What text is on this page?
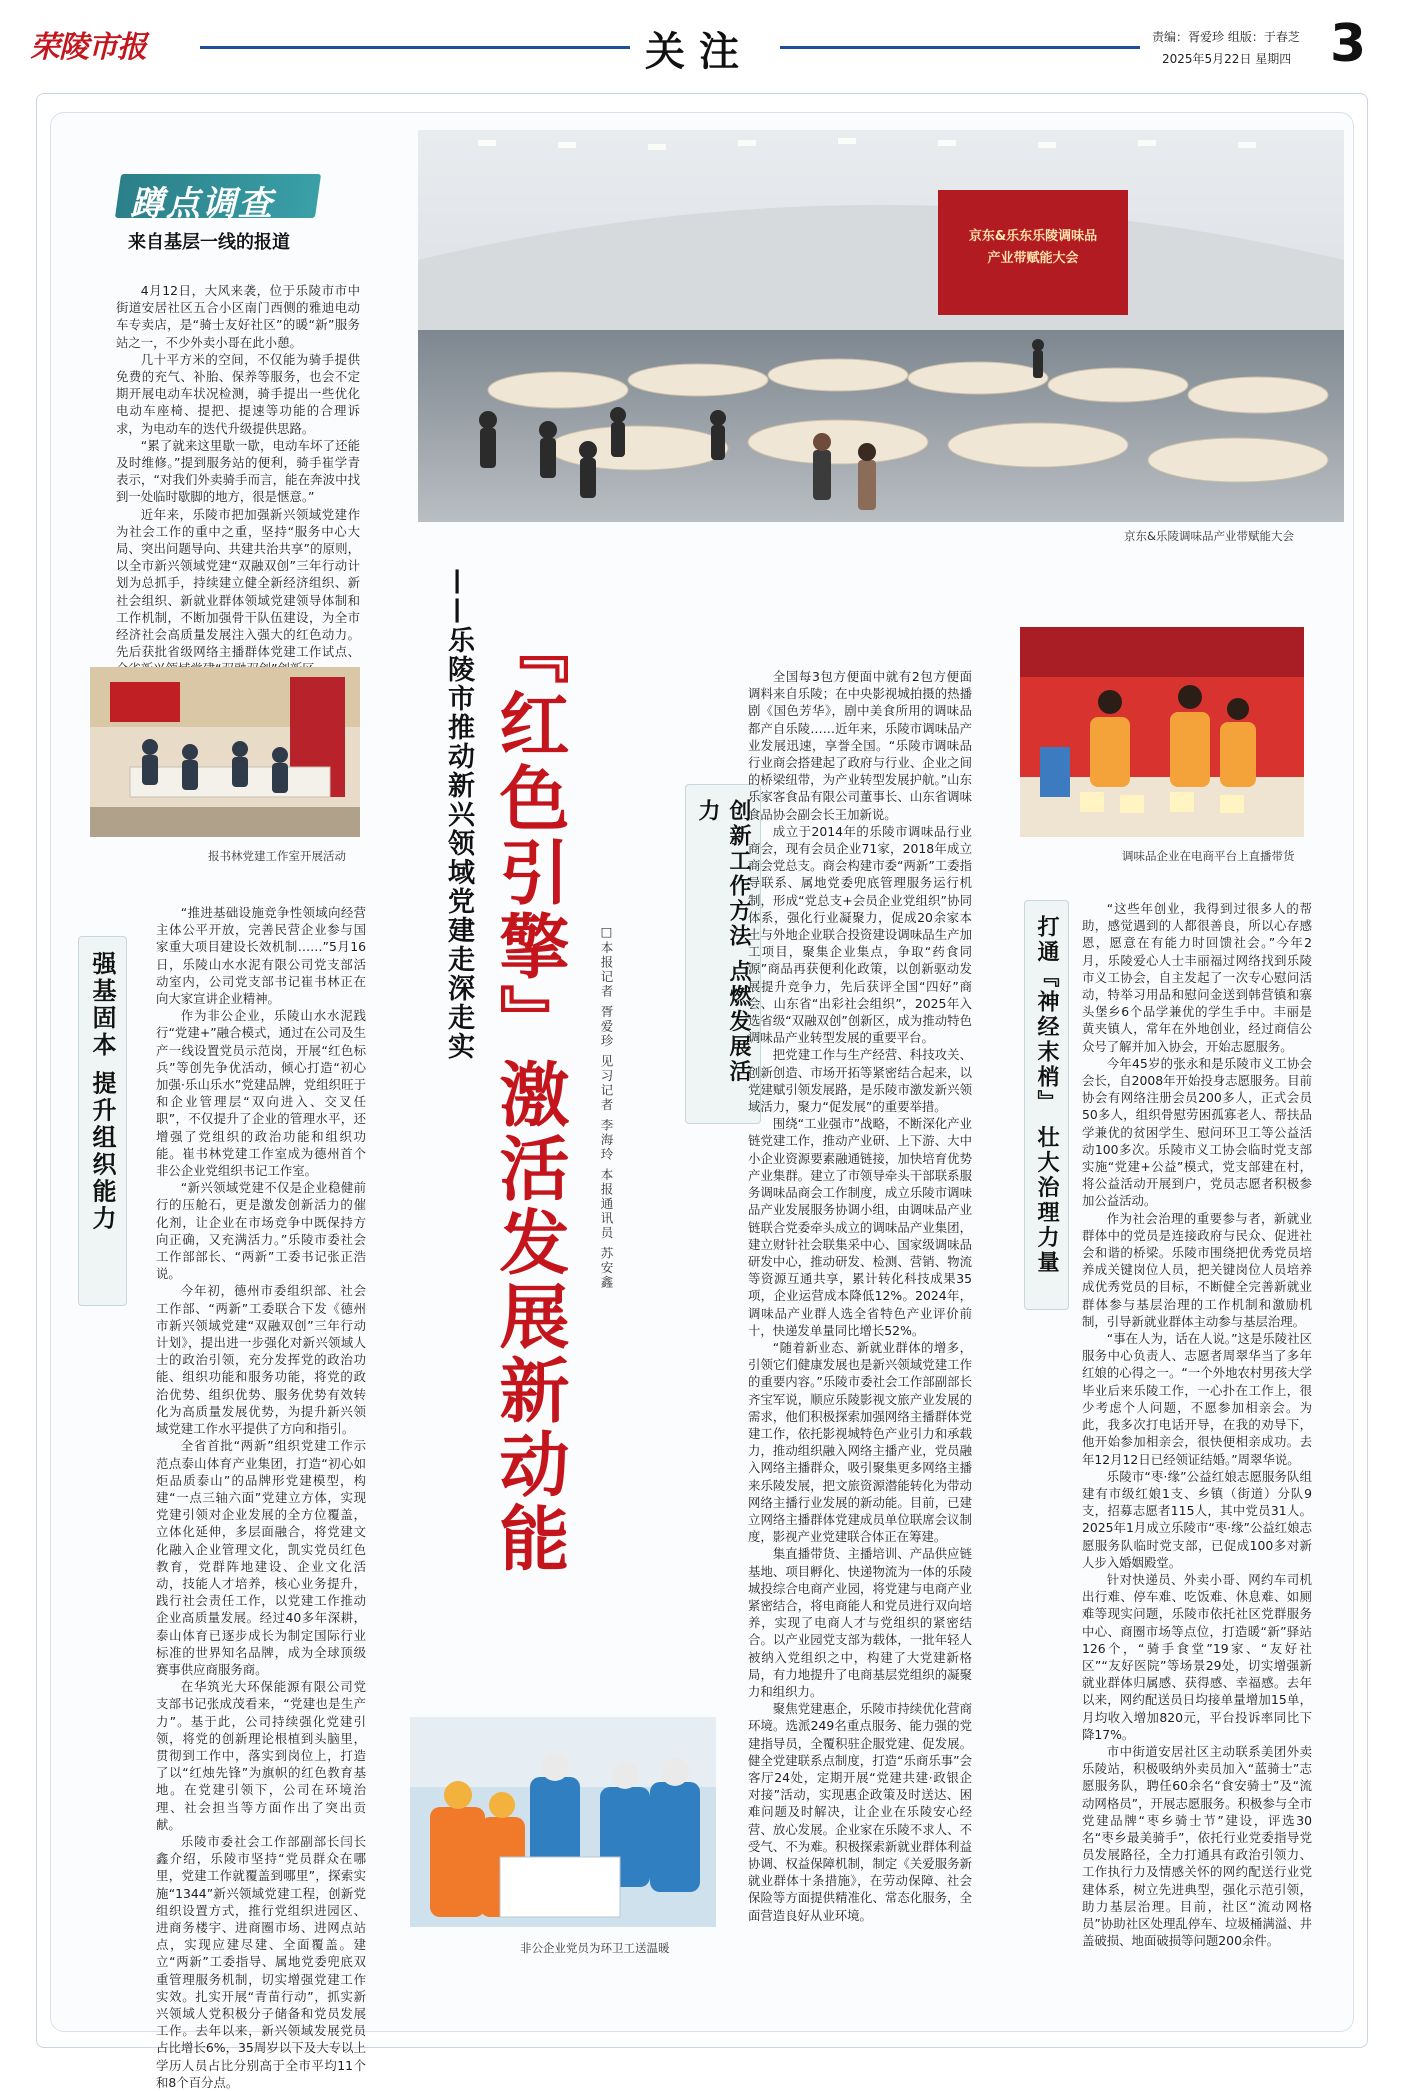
荣陵市报	关注	责编：胥爱珍 组版：于春芝
2025年5月22日 星期四 3
蹲点调查
来自基层一线的报道	京东&乐东乐陵调味品
产业带赋能大会
京东&乐陵调味品产业带赋能大会

4月12日，大风来袭，位于乐陵市市中街道安居社区五合小区南门西侧的雅迪电动车专卖店，是“骑士友好社区”的暖“新”服务站之一，不少外卖小哥在此小憩。

几十平方米的空间，不仅能为骑手提供免费的充气、补胎、保养等服务，也会不定期开展电动车状况检测，骑手提出一些优化电动车座椅、提把、提速等功能的合理诉求，为电动车的迭代升级提供思路。

“累了就来这里歇一歇，电动车坏了还能及时维修。”提到服务站的便利，骑手崔学青表示，“对我们外卖骑手而言，能在奔波中找到一处临时歇脚的地方，很是惬意。”

近年来，乐陵市把加强新兴领域党建作为社会工作的重中之重，坚持“服务中心大局、突出问题导向、共建共治共享”的原则，以全市新兴领域党建“双融双创”三年行动计划为总抓手，持续建立健全新经济组织、新社会组织、新就业群体领域党建领导体制和工作机制，不断加强骨干队伍建设，为全市经济社会高质量发展注入强大的红色动力。先后获批省级网络主播群体党建工作试点、

报书林党建工作室开展活动
强基固本 提升组织能力

“推进基础设施竞争性领域向经营主体公平开放，完善民营企业参与国家重大项目建设长效机制……”5月16日，乐陵山水水泥有限公司党支部活动室内，公司党支部书记崔书林正在向大家宣讲企业精神。

作为非公企业，乐陵山水水泥践行“党建+”融合模式，通过在公司及生产一线设置党员示范岗，开展“红色标兵”等创先争优活动，倾心打造“初心加强·乐山乐水”党建品牌，党组织旺于和企业管理层“双向进入、交叉任职”，不仅提升了企业的管理水平，还增强了党组织的政治功能和组织功能。崔书林党建工作室成为德州首个非公企业党组织书记工作室。

“新兴领域党建不仅是企业稳健前行的压舱石，更是激发创新活力的催化剂，让企业在市场竞争中既保持方向正确，又充满活力。”乐陵市委社会工作部部长、“两新”工委书记张正浩说。

今年初，德州市委组织部、社会工作部、“两新”工委联合下发《德州市新兴领域党建“双融双创”三年行动计划》，提出进一步强化对新兴领域人士的政治引领，充分发挥党的政治功能、组织功能和服务功能，将党的政治优势、组织优势、服务优势有效转化为高质量发展优势，为提升新兴领域党建工作水平提供了方向和指引。

全省首批“两新”组织党建工作示范点泰山体育产业集团，打造“初心如炬品质泰山”的品牌形党建模型，构建“一点三轴六面”党建立方体，实现党建引领对企业发展的全方位覆盖，立体化延伸，多层面融合，将党建文化融入企业管理文化，凯实党员红色教育，党群阵地建设、企业文化活动，技能人才培养，核心业务提升，践行社会责任工作，以党建工作推动企业高质量发展。经过40多年深耕，泰山体育已逐步成长为制定国际行业标准的世界知名品牌，成为全球顶级赛事供应商服务商。

在华筑光大环保能源有限公司党支部书记张成茂看来，“党建也是生产力”。基于此，公司持续强化党建引领，将党的创新理论根植到头脑里，贯彻到工作中，落实到岗位上，打造了以“红烛先锋”为旗帜的红色教育基地。在党建引领下，公司在环境治理、社会担当等方面作出了突出贡献。

乐陵市委社会工作部副部长闫长鑫介绍，乐陵市坚持“党员群众在哪里，党建工作就覆盖到哪里”，探索实施“1344”新兴领域党建工程，创新党组织设置方式，推行党组织进园区、进商务楼宇、进商圈市场、进网点站点，实现应建尽建、全面覆盖。建立“两新”工委指导、属地党委兜底双重管理服务机制，切实增强党建工作实效。扎实开展“青苗行动”，抓实新兴领域人党积极分子储备和党员发展工作。去年以来，新兴领域发展党员占比增长6%，35周岁以下及大专以上学历人员占比分别高于全市平均11个和8个百分点。

——乐陵市推动新兴领域党建走深走实 『红色引擎』激活发展新动能 □本报记者 胥爱珍 见习记者 李海玲 本报通讯员 苏安鑫	创新工作方法 点燃发展活力

全国每3包方便面中就有2包方便面调料来自乐陵；在中央影视城拍摄的热播剧《国色芳华》，剧中美食所用的调味品都产自乐陵……近年来，乐陵市调味品产业发展迅速，享誉全国。“乐陵市调味品行业商会搭建起了政府与行业、企业之间的桥梁纽带，为产业转型发展护航。”山东乐家客食品有限公司董事长、山东省调味食品协会副会长王加新说。

成立于2014年的乐陵市调味品行业商会，现有会员企业71家，2018年成立商会党总支。商会构建市委“两新”工委指导联系、属地党委兜底管理服务运行机制，形成“党总支+会员企业党组织”协同体系，强化行业凝聚力，促成20余家本土与外地企业联合投资建设调味品生产加工项目，聚集企业集点，争取“药食同源”商品再获便利化政策，以创新驱动发展提升竞争力，先后获评全国“四好”商会、山东省“出彩社会组织”，2025年入选省级“双融双创”创新区，成为推动特色调味品产业转型发展的重要平台。

把党建工作与生产经营、科技攻关、创新创造、市场开拓等紧密结合起来，以党建赋引领发展路，是乐陵市激发新兴领域活力，聚力“促发展”的重要举措。

围绕“工业强市”战略，不断深化产业链党建工作，推动产业研、上下游、大中小企业资源要素融通链接，加快培育优势产业集群。建立了市领导牵头干部联系服务调味品商会工作制度，成立乐陵市调味品产业发展服务协调小组，由调味品产业链联合党委牵头成立的调味品产业集团，建立财针社会联集采中心、国家级调味品研发中心，推动研发、检测、营销、物流等资源互通共享，累计转化科技成果35项，企业运营成本降低12%。2024年，调味品产业群人选全省特色产业评价前十，快递发单量同比增长52%。

“随着新业态、新就业群体的增多，引领它们健康发展也是新兴领域党建工作的重要内容。”乐陵市委社会工作部副部长齐宝军说，顺应乐陵影视文旅产业发展的需求，他们积极探索加强网络主播群体党建工作，依托影视城特色产业引力和承载力，推动组织融入网络主播产业，党员融入网络主播群众，吸引聚集更多网络主播来乐陵发展，把文旅资源潜能转化为带动网络主播行业发展的新动能。目前，已建立网络主播群体党建成员单位联席会议制度，影视产业党建联合体正在筹建。

集直播带货、主播培训、产品供应链基地、项目孵化、快递物流为一体的乐陵城投综合电商产业园，将党建与电商产业紧密结合，将电商能人和党员进行双向培养，实现了电商人才与党组织的紧密结合。以产业园党支部为载体，一批年轻人被纳入党组织之中，构建了大党建新格局，有力地提升了电商基层党组织的凝聚力和组织力。

聚焦党建惠企，乐陵市持续优化营商环境。选派249名重点服务、能力强的党建指导员，全覆积驻企服党建、促发展。健全党建联系点制度，打造“乐商乐事”会客厅24处，定期开展“党建共建·政银企对接”活动，实现惠企政策及时送达、困难问题及时解决，让企业在乐陵安心经营、放心发展。企业家在乐陵不求人、不受气、不为难。积极探索新就业群体利益协调、权益保障机制，制定《关爱服务新就业群体十条措施》，在劳动保障、社会保险等方面提供精准化、常态化服务，全面营造良好从业环境。

调味品企业在电商平台上直播带货
打通『神经末梢』 壮大治理力量

“这些年创业，我得到过很多人的帮助，感觉遇到的人都很善良，所以心存感恩，愿意在有能力时回馈社会。”今年2月，乐陵爱心人士丰丽福过网络找到乐陵市义工协会，自主发起了一次专心慰问活动，特举习用品和慰问金送到韩营镇和寨头堡乡6个品学兼优的学生手中。丰丽是黄夹镇人，常年在外地创业，经过商信公众号了解并加入协会，开始志愿服务。

今年45岁的张永和是乐陵市义工协会会长，自2008年开始投身志愿服务。目前协会有网络注册会员200多人，正式会员50多人，组织骨慰劳困孤寡老人、帮扶品学兼优的贫困学生、慰问环卫工等公益活动100多次。乐陵市义工协会临时党支部实施“党建+公益”模式，党支部建在村，将公益活动开展到户，党员志愿者积极参加公益活动。

作为社会治理的重要参与者，新就业群体中的党员是连接政府与民众、促进社会和谐的桥梁。乐陵市围绕把优秀党员培养成关键岗位人员，把关键岗位人员培养成优秀党员的目标，不断健全完善新就业群体参与基层治理的工作机制和激励机制，引导新就业群体主动参与基层治理。

“事在人为，话在人说。”这是乐陵社区服务中心负责人、志愿者周翠华当了多年红娘的心得之一。“一个外地农村男孩大学毕业后来乐陵工作，一心扑在工作上，很少考虑个人问题，不愿参加相亲会。为此，我多次打电话开导，在我的劝导下，他开始参加相亲会，很快便相亲成功。去年12月12日已经领证结婚。”周翠华说。

乐陵市“枣·缘”公益红娘志愿服务队组建有市级红娘1支、乡镇（街道）分队9支，招募志愿者115人，其中党员31人。2025年1月成立乐陵市“枣·缘”公益红娘志愿服务队临时党支部，已促成100多对新人步入婚姻殿堂。

针对快递员、外卖小哥、网约车司机出行难、停车难、吃饭难、休息难、如厕难等现实问题，乐陵市依托社区党群服务中心、商圈市场等点位，打造暖“新”驿站126个，“骑手食堂”19家、“友好社区”“友好医院”等场景29处，切实增强新就业群体归属感、获得感、幸福感。去年以来，网约配送员日均接单量增加15单，月均收入增加820元，平台投诉率同比下降17%。

市中街道安居社区主动联系美团外卖乐陵站，积极吸纳外卖员加入“蓝骑士”志愿服务队，聘任60余名“食安骑士”及“流动网格员”，开展志愿服务。积极参与全市党建品牌“枣乡骑士节”建设，评选30名“枣乡最美骑手”，依托行业党委指导党员发展路径，全力打通具有政治引领力、工作执行力及情感关怀的网约配送行业党建体系，树立先进典型，强化示范引领，助力基层治理。目前，社区“流动网格员”协助社区处理乱停车、垃圾桶满溢、井盖破损、地面破损等问题200余件。

非公企业党员为环卫工送温暖
